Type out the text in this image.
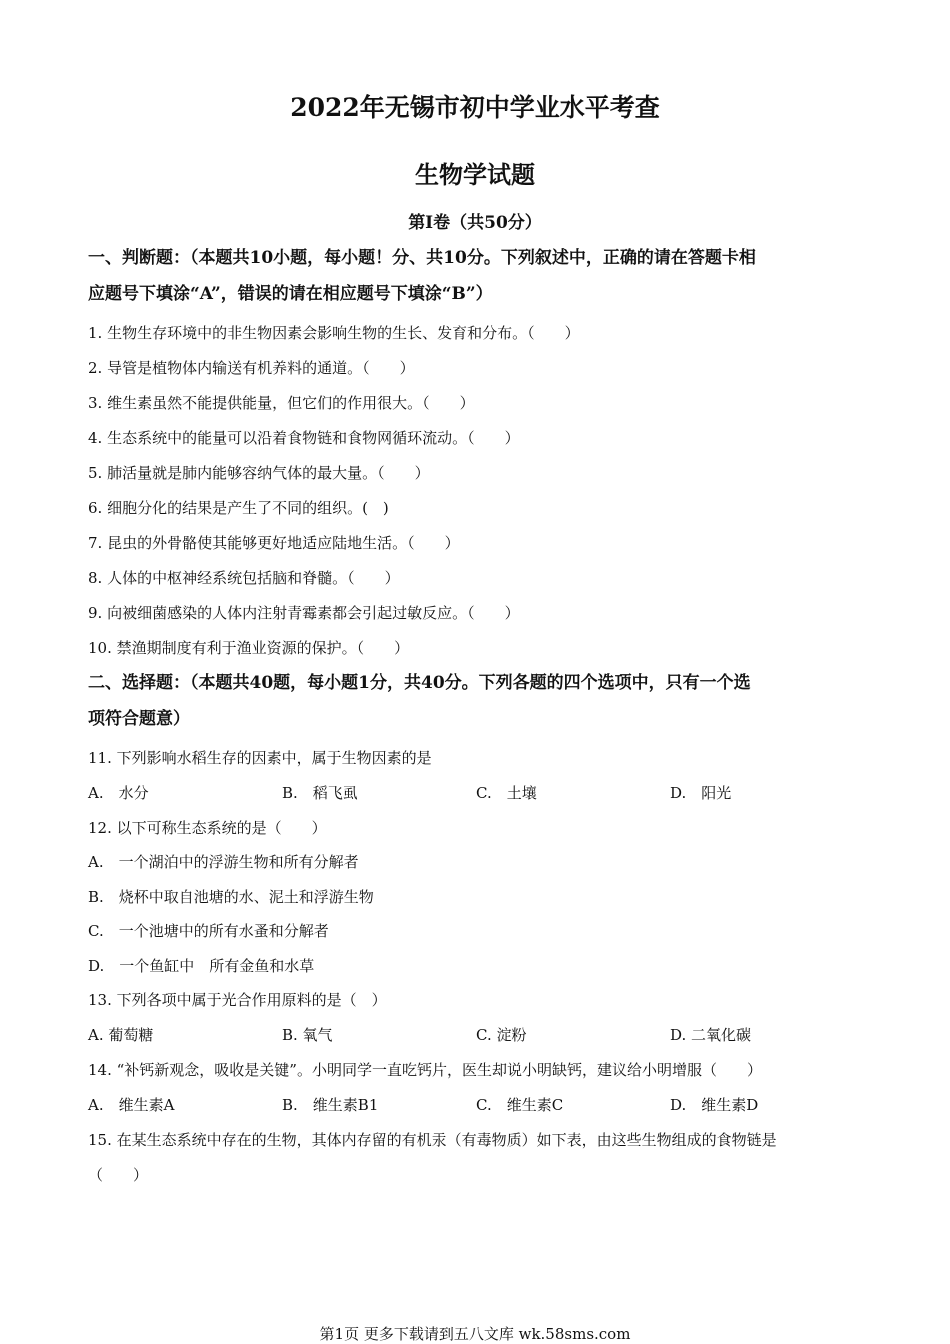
2022年无锡市初中学业水平考查
生物学试题
第Ⅰ卷（共50分）
一、判断题：（本题共10小题，每小题！分、共10分。下列叙述中，正确的请在答题卡相
应题号下填涂“A”，错误的请在相应题号下填涂“B”）
1. 生物生存环境中的非生物因素会影响生物的生长、发育和分布。（　　）
2. 导管是植物体内输送有机养料的通道。（　　）
3. 维生素虽然不能提供能量，但它们的作用很大。（　　）
4. 生态系统中的能量可以沿着食物链和食物网循环流动。（　　）
5. 肺活量就是肺内能够容纳气体的最大量。（　　）
6. 细胞分化的结果是产生了不同的组织。(　)
7. 昆虫的外骨骼使其能够更好地适应陆地生活。（　　）
8. 人体的中枢神经系统包括脑和脊髓。（　　）
9. 向被细菌感染的人体内注射青霉素都会引起过敏反应。（　　）
10. 禁渔期制度有利于渔业资源的保护。（　　）
二、选择题：（本题共40题，每小题1分，共40分。下列各题的四个选项中，只有一个选
项符合题意）
11. 下列影响水稻生存的因素中，属于生物因素的是
A.　水分	B.　稻飞虱	C.　土壤	D.　阳光
12. 以下可称生态系统的是（　　）
A.　一个湖泊中的浮游生物和所有分解者
B.　烧杯中取自池塘的水、泥土和浮游生物
C.　一个池塘中的所有水蚤和分解者
D.　一个鱼缸中　所有金鱼和水草
13. 下列各项中属于光合作用原料的是（　）
A. 葡萄糖	B. 氧气	C. 淀粉	D. 二氧化碳
14. “补钙新观念，吸收是关键”。小明同学一直吃钙片，医生却说小明缺钙，建议给小明增服（　　）
A.　维生素A	B.　维生素B1	C.　维生素C	D.　维生素D
15. 在某生态系统中存在的生物，其体内存留的有机汞（有毒物质）如下表，由这些生物组成的食物链是
（　　）
第1页 更多下载请到五八文库 wk.58sms.com
